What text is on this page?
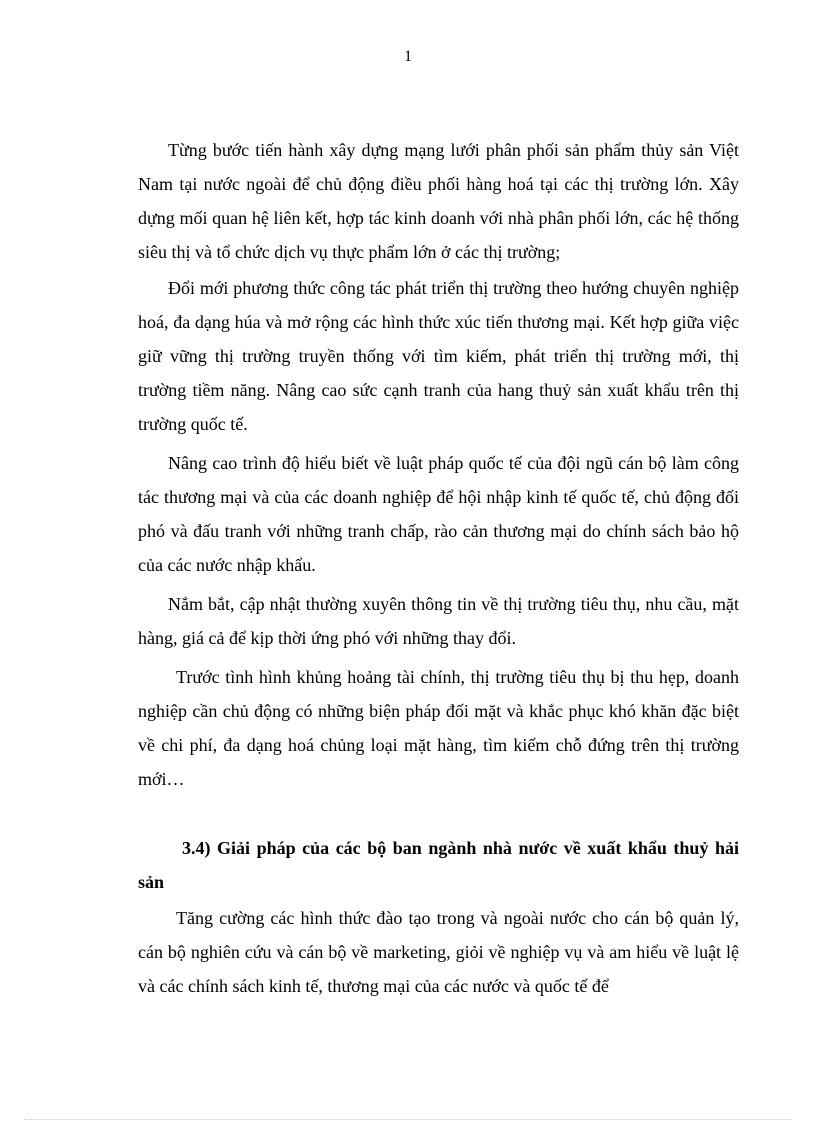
1

Từng bước tiến hành xây dựng mạng lưới phân phối sản phẩm thủy sản Việt Nam tại nước ngoài để chủ động điều phối hàng hoá tại các thị trường lớn. Xây dựng mối quan hệ liên kết, hợp tác kinh doanh với nhà phân phối lớn, các hệ thống siêu thị và tổ chức dịch vụ thực phẩm lớn ở các thị trường;

Đổi mới phương thức công tác phát triển thị trường theo hướng chuyên nghiệp hoá, đa dạng húa và mở rộng các hình thức xúc tiến thương mại. Kết hợp giữa việc giữ vững thị trường truyền thống với tìm kiếm, phát triển thị trường mới, thị trường tiềm năng. Nâng cao sức cạnh tranh của hang thuỷ sản xuất khẩu trên thị trường quốc tế.

Nâng cao trình độ hiểu biết về luật pháp quốc tế của đội ngũ cán bộ làm công tác thương mại và của các doanh nghiệp để hội nhập kinh tế quốc tế, chủ động đối phó và đấu tranh với những tranh chấp, rào cản thương mại do chính sách bảo hộ của các nước nhập khẩu.

Nắm bắt, cập nhật thường xuyên thông tin về thị trường tiêu thụ, nhu cầu, mặt hàng, giá cả để kịp thời ứng phó với những thay đổi.

Trước tình hình khủng hoảng tài chính, thị trường tiêu thụ bị thu hẹp, doanh nghiệp cần chủ động có những biện pháp đối mặt và khắc phục khó khăn đặc biệt về chi phí, đa dạng hoá chủng loại mặt hàng, tìm kiếm chỗ đứng trên thị trường mới…

3.4) Giải pháp của các bộ ban ngành nhà nước về xuất khẩu thuỷ hải sản

Tăng cường các hình thức đào tạo trong và ngoài nước cho cán bộ quản lý, cán bộ nghiên cứu và cán bộ về marketing, giỏi về nghiệp vụ và am hiểu về luật lệ và các chính sách kinh tế, thương mại của các nước và quốc tế để
